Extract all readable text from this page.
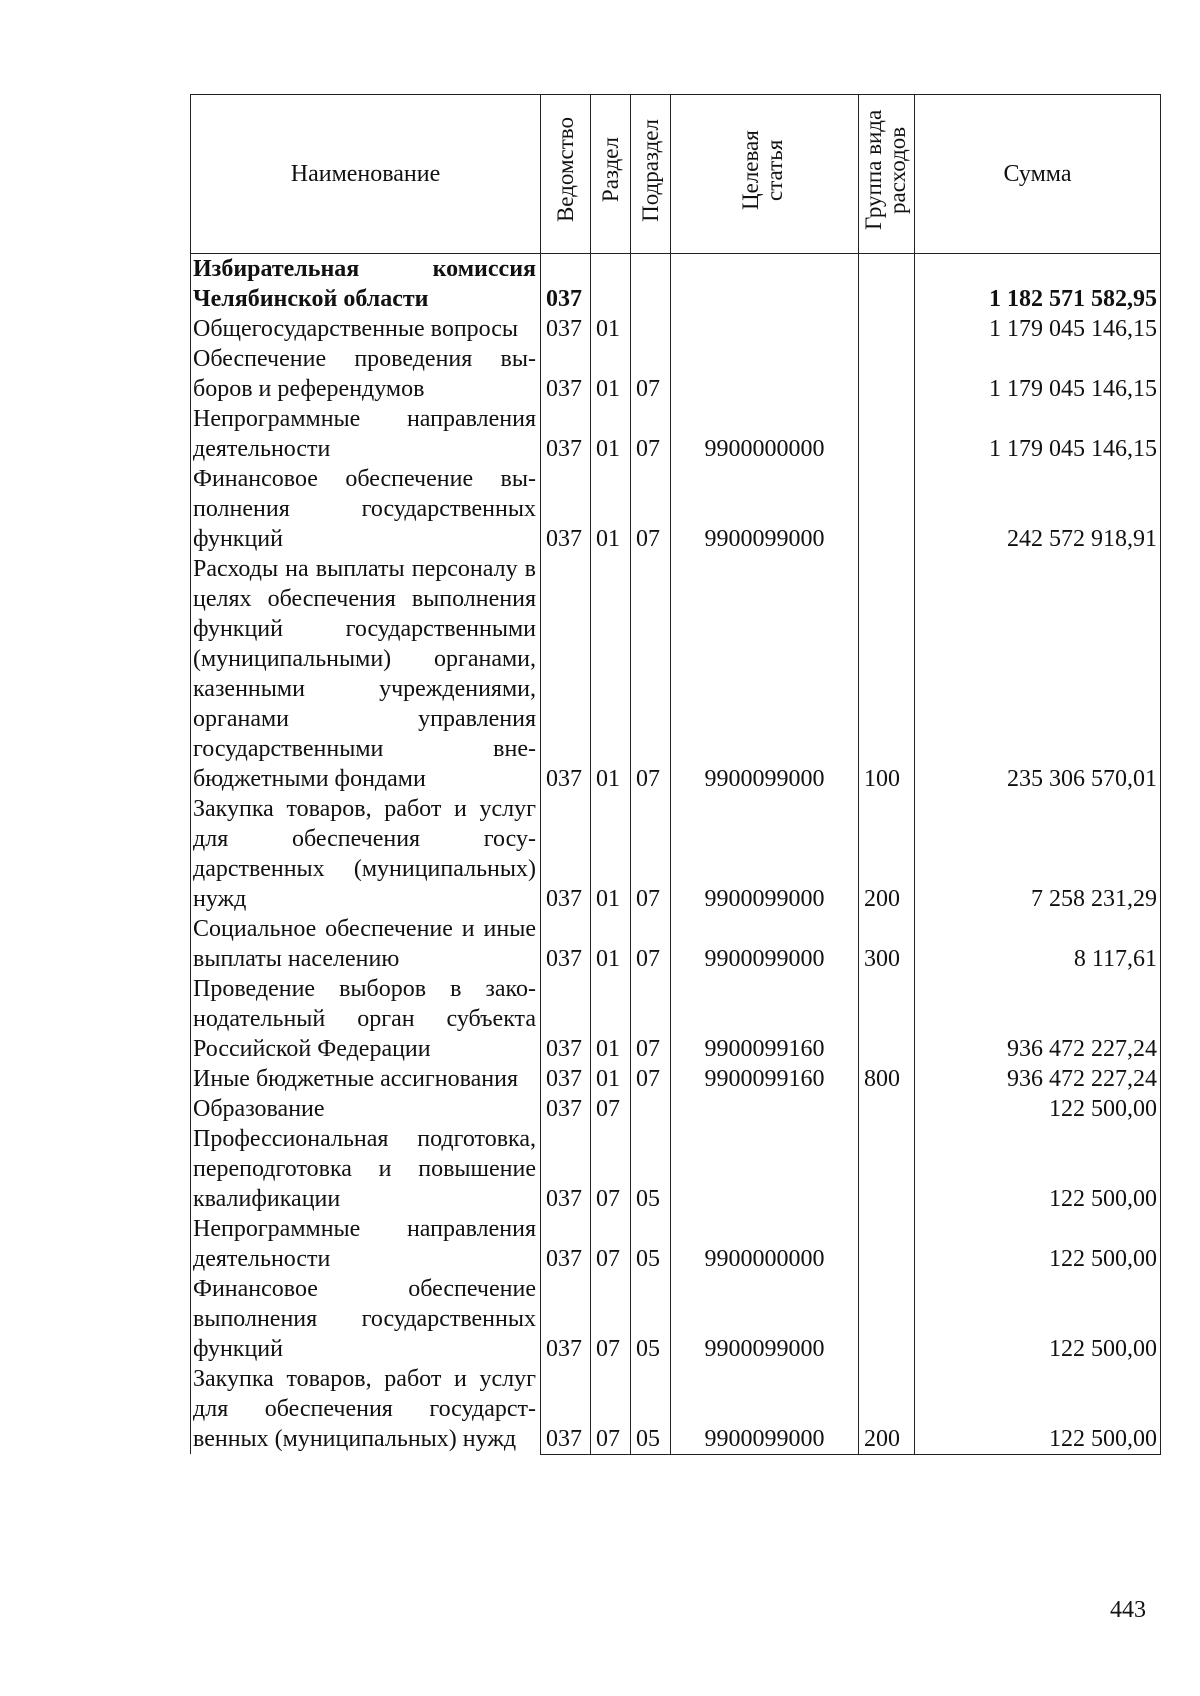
Наименование	Ведомство	Раздел	Подраздел	Целевая статья	Группа вида расходов	Сумма
Избирательная комиссия Челябинской области	037					1 182 571 582,95
Общегосударственные вопросы	037	01				1 179 045 146,15
Обеспечение проведения выборов и референдумов	037	01	07			1 179 045 146,15
Непрограммные направления деятельности	037	01	07	9900000000		1 179 045 146,15
Финансовое обеспечение выполнения государственных функций	037	01	07	9900099000		242 572 918,91
Расходы на выплаты персоналу в целях обеспечения выполнения функций государственными (муниципальными) органами, казенными учреждениями, органами управления государственными внебюджетными фондами	037	01	07	9900099000	100	235 306 570,01
Закупка товаров, работ и услуг для обеспечения государственных (муниципальных) нужд	037	01	07	9900099000	200	7 258 231,29
Социальное обеспечение и иные выплаты населению	037	01	07	9900099000	300	8 117,61
Проведение выборов в законодательный орган субъекта Российской Федерации	037	01	07	9900099160		936 472 227,24
Иные бюджетные ассигнования	037	01	07	9900099160	800	936 472 227,24
Образование	037	07				122 500,00
Профессиональная подготовка, переподготовка и повышение квалификации	037	07	05			122 500,00
Непрограммные направления деятельности	037	07	05	9900000000		122 500,00
Финансовое обеспечение выполнения государственных функций	037	07	05	9900099000		122 500,00
Закупка товаров, работ и услуг для обеспечения государственных (муниципальных) нужд	037	07	05	9900099000	200	122 500,00
443
